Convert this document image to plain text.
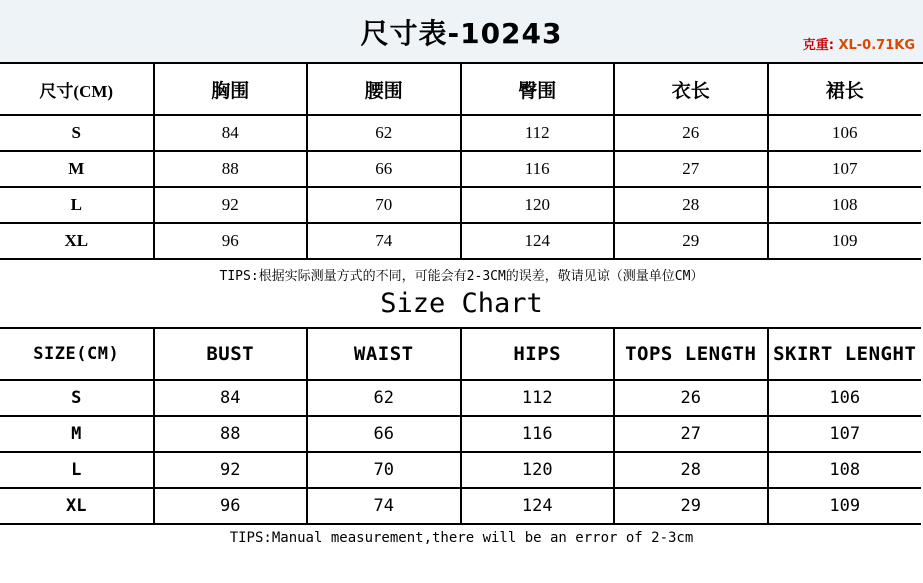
尺寸表-10243	克重: XL-0.71KG
尺寸(CM)	胸围	腰围	臀围	衣长	裙长
S	84	62	112	26	106
M	88	66	116	27	107
L	92	70	120	28	108
XL	96	74	124	29	109
TIPS:根据实际测量方式的不同，可能会有2-3CM的误差，敬请见谅（测量单位CM）
Size Chart
SIZE(CM)	BUST	WAIST	HIPS	TOPS LENGTH	SKIRT LENGHT
S	84	62	112	26	106
M	88	66	116	27	107
L	92	70	120	28	108
XL	96	74	124	29	109
TIPS:Manual measurement,there will be an error of 2-3cm
